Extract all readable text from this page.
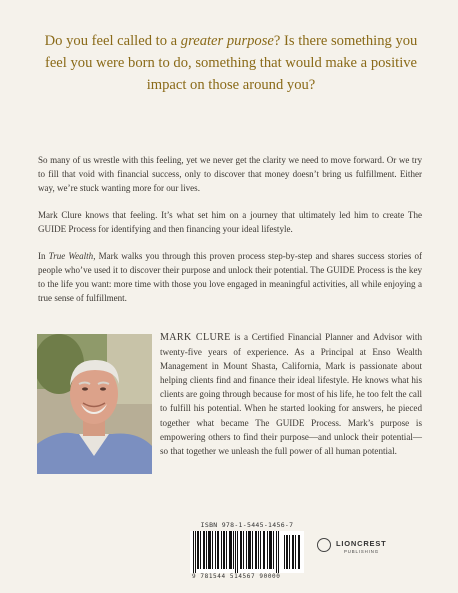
Do you feel called to a greater purpose? Is there something you feel you were born to do, something that would make a positive impact on those around you?

So many of us wrestle with this feeling, yet we never get the clarity we need to move forward. Or we try to fill that void with financial success, only to discover that money doesn’t bring us fulfillment. Either way, we’re stuck wanting more for our lives.

Mark Clure knows that feeling. It’s what set him on a journey that ultimately led him to create The GUIDE Process for identifying and then financing your ideal lifestyle.

In True Wealth, Mark walks you through this proven process step-by-step and shares success stories of people who’ve used it to discover their purpose and unlock their potential. The GUIDE Process is the key to the life you want: more time with those you love engaged in meaningful activities, all while enjoying a true sense of fulfillment.

MARK CLURE is a Certified Financial Planner and Advisor with twenty-five years of experience. As a Principal at Enso Wealth Management in Mount Shasta, California, Mark is passionate about helping clients find and finance their ideal lifestyle. He knows what his clients are going through because for most of his life, he too felt the call to fulfill his potential. When he started looking for answers, he pieced together what became The GUIDE Process. Mark’s purpose is empowering others to find their purpose—and unlock their potential—so that together we unleash the full power of all human potential.

ISBN 978-1-5445-1456-7
9 781544 514567 90000
LIONCREST
PUBLISHING
